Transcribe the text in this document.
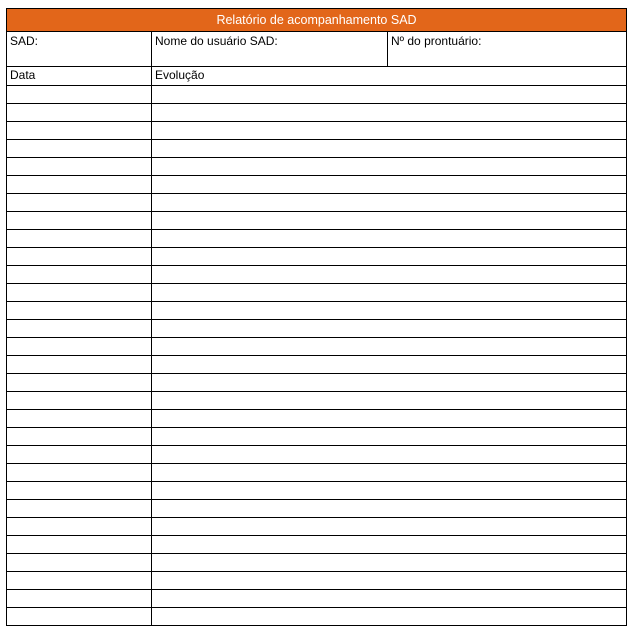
Relatório de acompanhamento SAD		
SAD:	Nome do usuário SAD:	Nº do prontuário:
Data	Evolução	
